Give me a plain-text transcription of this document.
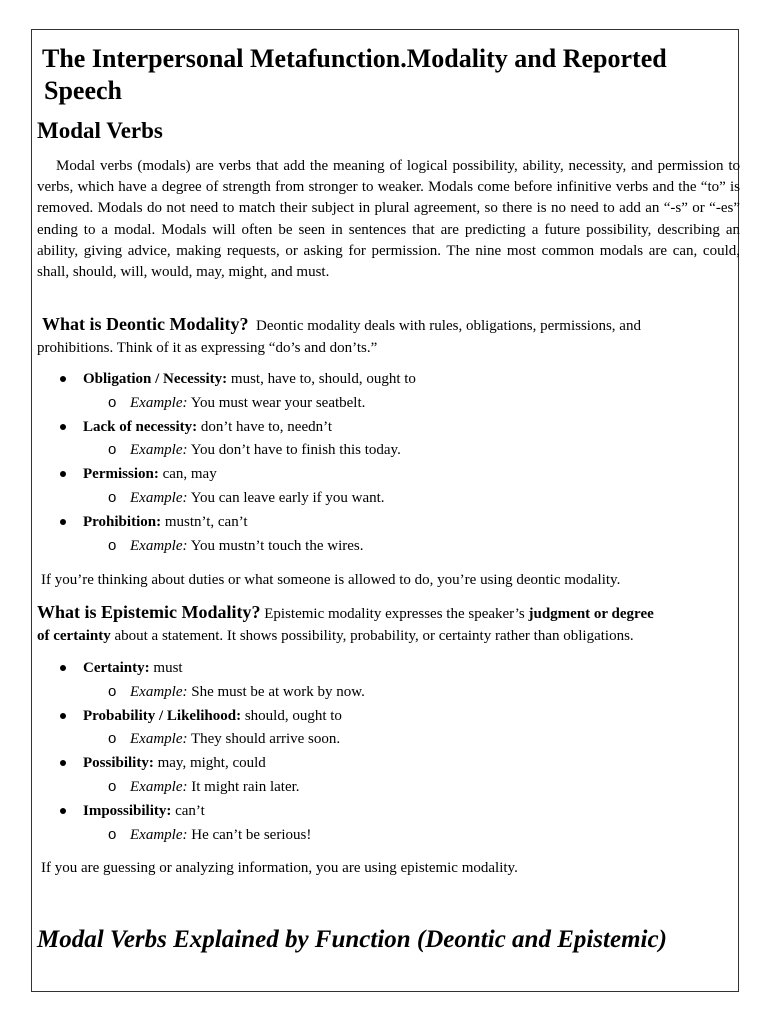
The Interpersonal Metafunction.Modality and Reported
Speech
Modal Verbs
Modal verbs (modals) are verbs that add the meaning of logical possibility, ability, necessity, and permission to verbs, which have a degree of strength from stronger to weaker. Modals come before infinitive verbs and the “to” is removed. Modals do not need to match their subject in plural agreement, so there is no need to add an “-s” or “-es” ending to a modal. Modals will often be seen in sentences that are predicting a future possibility, describing an ability, giving advice, making requests, or asking for permission. The nine most common modals are can, could, shall, should, will, would, may, might, and must.
What is Deontic Modality? Deontic modality deals with rules, obligations, permissions, and
prohibitions. Think of it as expressing “do’s and don’ts.”
Obligation / Necessity: must, have to, should, ought to
o Example: You must wear your seatbelt.
Lack of necessity: don’t have to, needn’t
o Example: You don’t have to finish this today.
Permission: can, may
o Example: You can leave early if you want.
Prohibition: mustn’t, can’t
o Example: You mustn’t touch the wires.
If you’re thinking about duties or what someone is allowed to do, you’re using deontic modality.
What is Epistemic Modality? Epistemic modality expresses the speaker’s judgment or degree
of certainty about a statement. It shows possibility, probability, or certainty rather than obligations.
Certainty: must
o Example: She must be at work by now.
Probability / Likelihood: should, ought to
o Example: They should arrive soon.
Possibility: may, might, could
o Example: It might rain later.
Impossibility: can’t
o Example: He can’t be serious!
If you are guessing or analyzing information, you are using epistemic modality.
Modal Verbs Explained by Function (Deontic and Epistemic)
